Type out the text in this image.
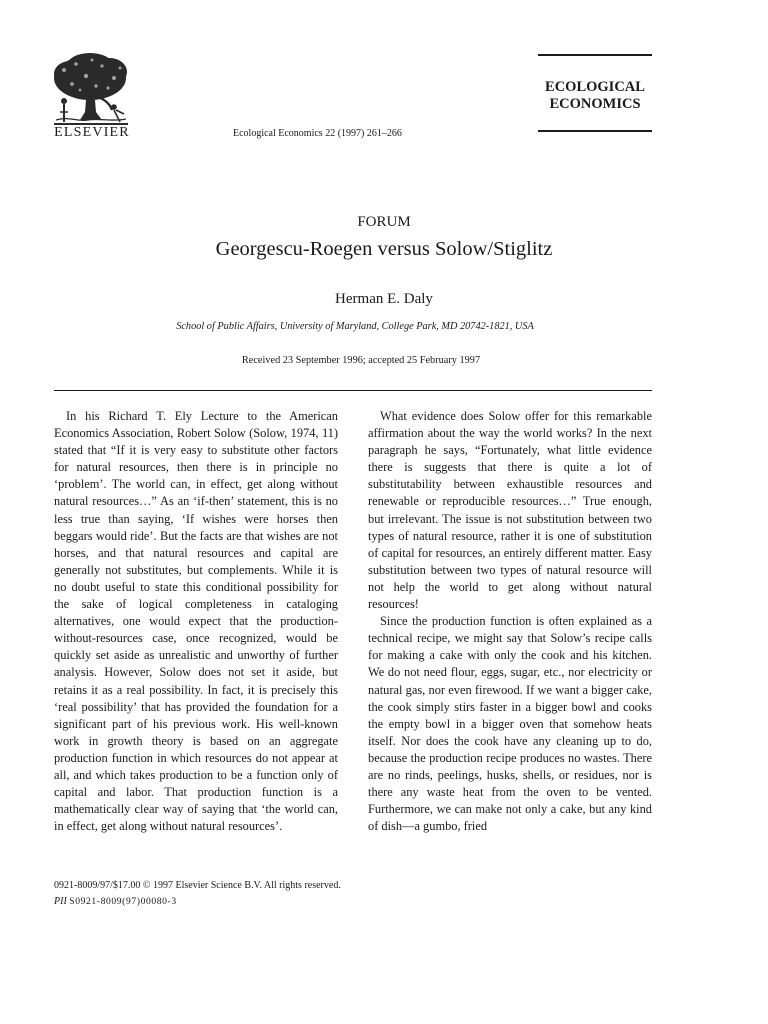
ELSEVIER	Ecological Economics 22 (1997) 261–266
ECOLOGICAL
ECONOMICS
FORUM
Georgescu-Roegen versus Solow/Stiglitz
Herman E. Daly
School of Public Affairs, University of Maryland, College Park, MD 20742-1821, USA
Received 23 September 1996; accepted 25 February 1997

In his Richard T. Ely Lecture to the American Economics Association, Robert Solow (Solow, 1974, 11) stated that “If it is very easy to substitute other factors for natural resources, then there is in principle no ‘problem’. The world can, in effect, get along without natural resources…” As an ‘if-then’ statement, this is no less true than saying, ‘If wishes were horses then beggars would ride’. But the facts are that wishes are not horses, and that natural resources and capital are generally not substitutes, but complements. While it is no doubt useful to state this conditional possibility for the sake of logical completeness in cataloging alternatives, one would expect that the production-without-resources case, once recognized, would be quickly set aside as unrealistic and unworthy of further analysis. However, Solow does not set it aside, but retains it as a real possibility. In fact, it is precisely this ‘real possibility’ that has provided the foundation for a significant part of his previous work. His well-known work in growth theory is based on an aggregate production function in which resources do not appear at all, and which takes production to be a function only of capital and labor. That production function is a mathematically clear way of saying that ‘the world can, in effect, get along without natural resources’.

What evidence does Solow offer for this remarkable affirmation about the way the world works? In the next paragraph he says, “Fortunately, what little evidence there is suggests that there is quite a lot of substitutability between exhaustible resources and renewable or reproducible resources…” True enough, but irrelevant. The issue is not substitution between two types of natural resource, rather it is one of substitution of capital for resources, an entirely different matter. Easy substitution between two types of natural resource will not help the world to get along without natural resources!

Since the production function is often explained as a technical recipe, we might say that Solow’s recipe calls for making a cake with only the cook and his kitchen. We do not need flour, eggs, sugar, etc., nor electricity or natural gas, nor even firewood. If we want a bigger cake, the cook simply stirs faster in a bigger bowl and cooks the empty bowl in a bigger oven that somehow heats itself. Nor does the cook have any cleaning up to do, because the production recipe produces no wastes. There are no rinds, peelings, husks, shells, or residues, nor is there any waste heat from the oven to be vented. Furthermore, we can make not only a cake, but any kind of dish—a gumbo, fried

0921-8009/97/$17.00 © 1997 Elsevier Science B.V. All rights reserved.
PII S0921-8009(97)00080-3
